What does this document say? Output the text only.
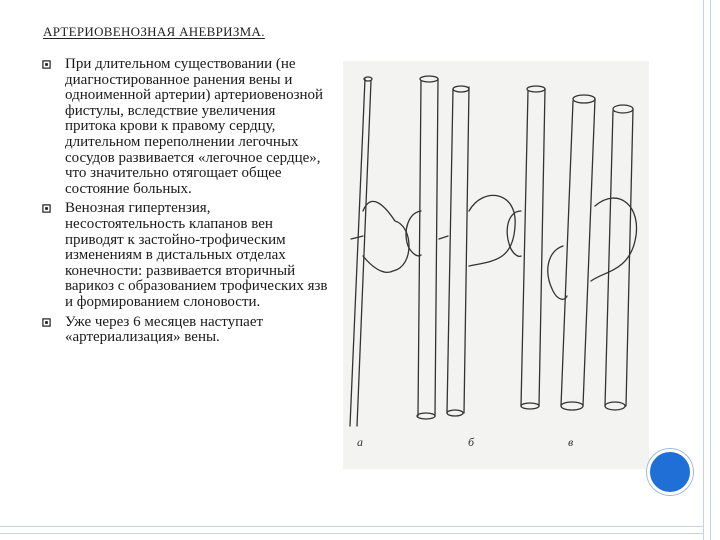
АРТЕРИОВЕНОЗНАЯ АНЕВРИЗМА.
При длительном существовании (не диагностированное ранения вены и одноименной артерии) артериовенозной фистулы, вследствие увеличения притока крови к правому сердцу, длительном переполнении легочных сосудов развивается «легочное сердце», что значительно отягощает общее состояние больных.
Венозная гипертензия, несостоятельность клапанов вен приводят к застойно-трофическим изменениям в дистальных отделах конечности: развивается вторичный варикоз с образованием трофических язв и формированием слоновости.
Уже через 6 месяцев наступает «артериализация» вены.
а	б	в
